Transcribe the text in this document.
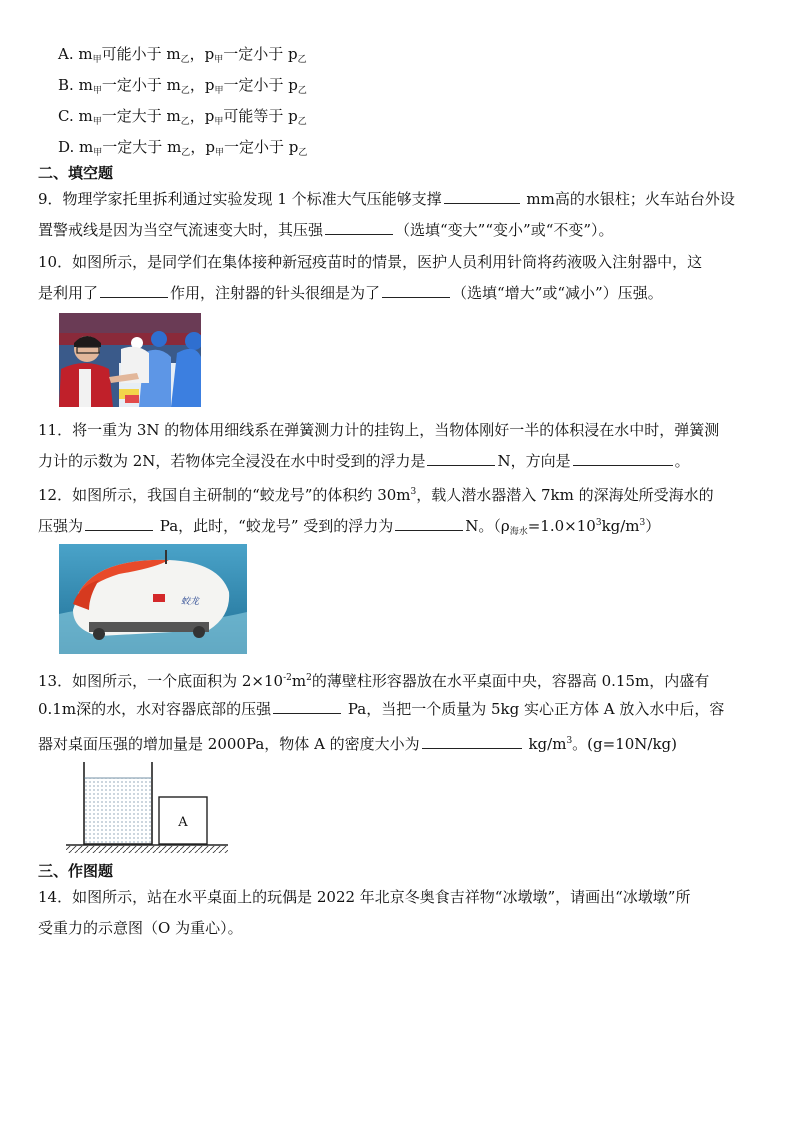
A. $m_甲$可能小于 $m_乙$，$p_甲$一定小于 $p_乙$
B. $m_甲$一定小于 $m_乙$，$p_甲$一定小于 $p_乙$
C. $m_甲$一定大于 $m_乙$，$p_甲$可能等于 $p_乙$
D. $m_甲$一定大于 $m_乙$，$p_甲$一定小于 $p_乙$
二、填空题
9．物理学家托里拆利通过实验发现 1 个标准大气压能够支撑	mm高的水银柱；火车站台外设
置警戒线是因为当空气流速变大时，其压强	（选填“变大”“变小”或“不变”）。
10．如图所示，是同学们在集体接种新冠疫苗时的情景，医护人员利用针筒将药液吸入注射器中，这
是利用了	作用，注射器的针头很细是为了	（选填“增大”或“减小”）压强。
11．将一重为 3N 的物体用细线系在弹簧测力计的挂钩上，当物体刚好一半的体积浸在水中时，弹簧测
力计的示数为 2N，若物体完全浸没在水中时受到的浮力是	N，方向是	。
12．如图所示，我国自主研制的“蛟龙号”的体积约 $30m^3$，载人潜水器潜入 7km 的深海处所受海水的
压强为	Pa，此时，“蛟龙号” 受到的浮力为	N。$(\rho_{海水}=1.0\times 10^3kg/m^3)$
蛟龙
13．如图所示，一个底面积为 $2\times 10^{-2}m^2$的薄壁柱形容器放在水平桌面中央，容器高 0.15m，内盛有
0.1m深的水，水对容器底部的压强	Pa，当把一个质量为 5kg 实心正方体 A 放入水中后，容
器对桌面压强的增加量是 2000Pa，物体 A 的密度大小为	$kg/m^3$。(g=10N/kg)
A
三、作图题
14．如图所示，站在水平桌面上的玩偶是 2022 年北京冬奥食吉祥物“冰墩墩”，请画出“冰墩墩”所
受重力的示意图（O 为重心）。
